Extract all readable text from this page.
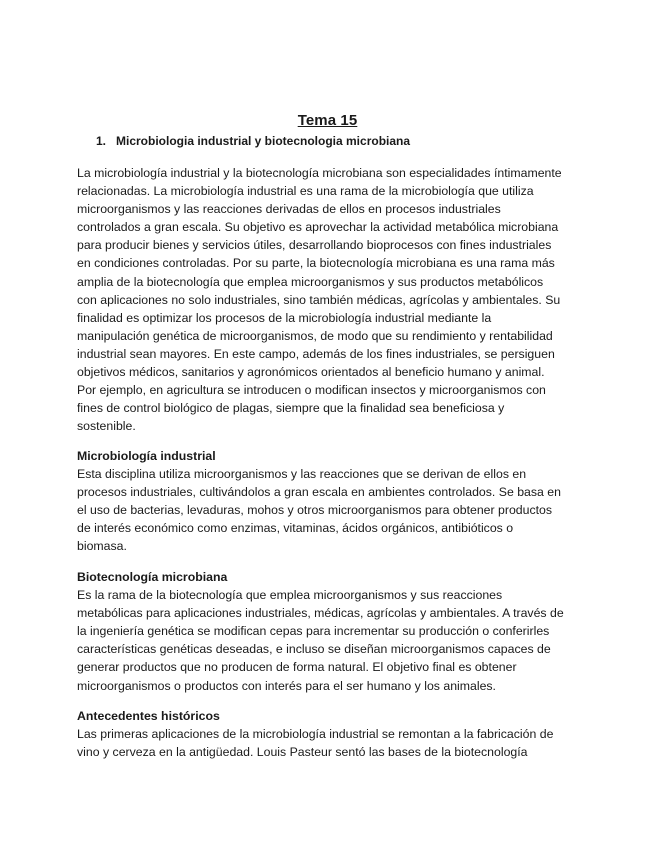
Tema 15
1. Microbiologia industrial y biotecnologia microbiana
La microbiología industrial y la biotecnología microbiana son especialidades íntimamente
relacionadas. La microbiología industrial es una rama de la microbiología que utiliza
microorganismos y las reacciones derivadas de ellos en procesos industriales
controlados a gran escala. Su objetivo es aprovechar la actividad metabólica microbiana
para producir bienes y servicios útiles, desarrollando bioprocesos con fines industriales
en condiciones controladas. Por su parte, la biotecnología microbiana es una rama más
amplia de la biotecnología que emplea microorganismos y sus productos metabólicos
con aplicaciones no solo industriales, sino también médicas, agrícolas y ambientales. Su
finalidad es optimizar los procesos de la microbiología industrial mediante la
manipulación genética de microorganismos, de modo que su rendimiento y rentabilidad
industrial sean mayores. En este campo, además de los fines industriales, se persiguen
objetivos médicos, sanitarios y agronómicos orientados al beneficio humano y animal.
Por ejemplo, en agricultura se introducen o modifican insectos y microorganismos con
fines de control biológico de plagas, siempre que la finalidad sea beneficiosa y
sostenible.
Microbiología industrial
Esta disciplina utiliza microorganismos y las reacciones que se derivan de ellos en
procesos industriales, cultivándolos a gran escala en ambientes controlados. Se basa en
el uso de bacterias, levaduras, mohos y otros microorganismos para obtener productos
de interés económico como enzimas, vitaminas, ácidos orgánicos, antibióticos o
biomasa.
Biotecnología microbiana
Es la rama de la biotecnología que emplea microorganismos y sus reacciones
metabólicas para aplicaciones industriales, médicas, agrícolas y ambientales. A través de
la ingeniería genética se modifican cepas para incrementar su producción o conferirles
características genéticas deseadas, e incluso se diseñan microorganismos capaces de
generar productos que no producen de forma natural. El objetivo final es obtener
microorganismos o productos con interés para el ser humano y los animales.
Antecedentes históricos
Las primeras aplicaciones de la microbiología industrial se remontan a la fabricación de
vino y cerveza en la antigüedad. Louis Pasteur sentó las bases de la biotecnología
